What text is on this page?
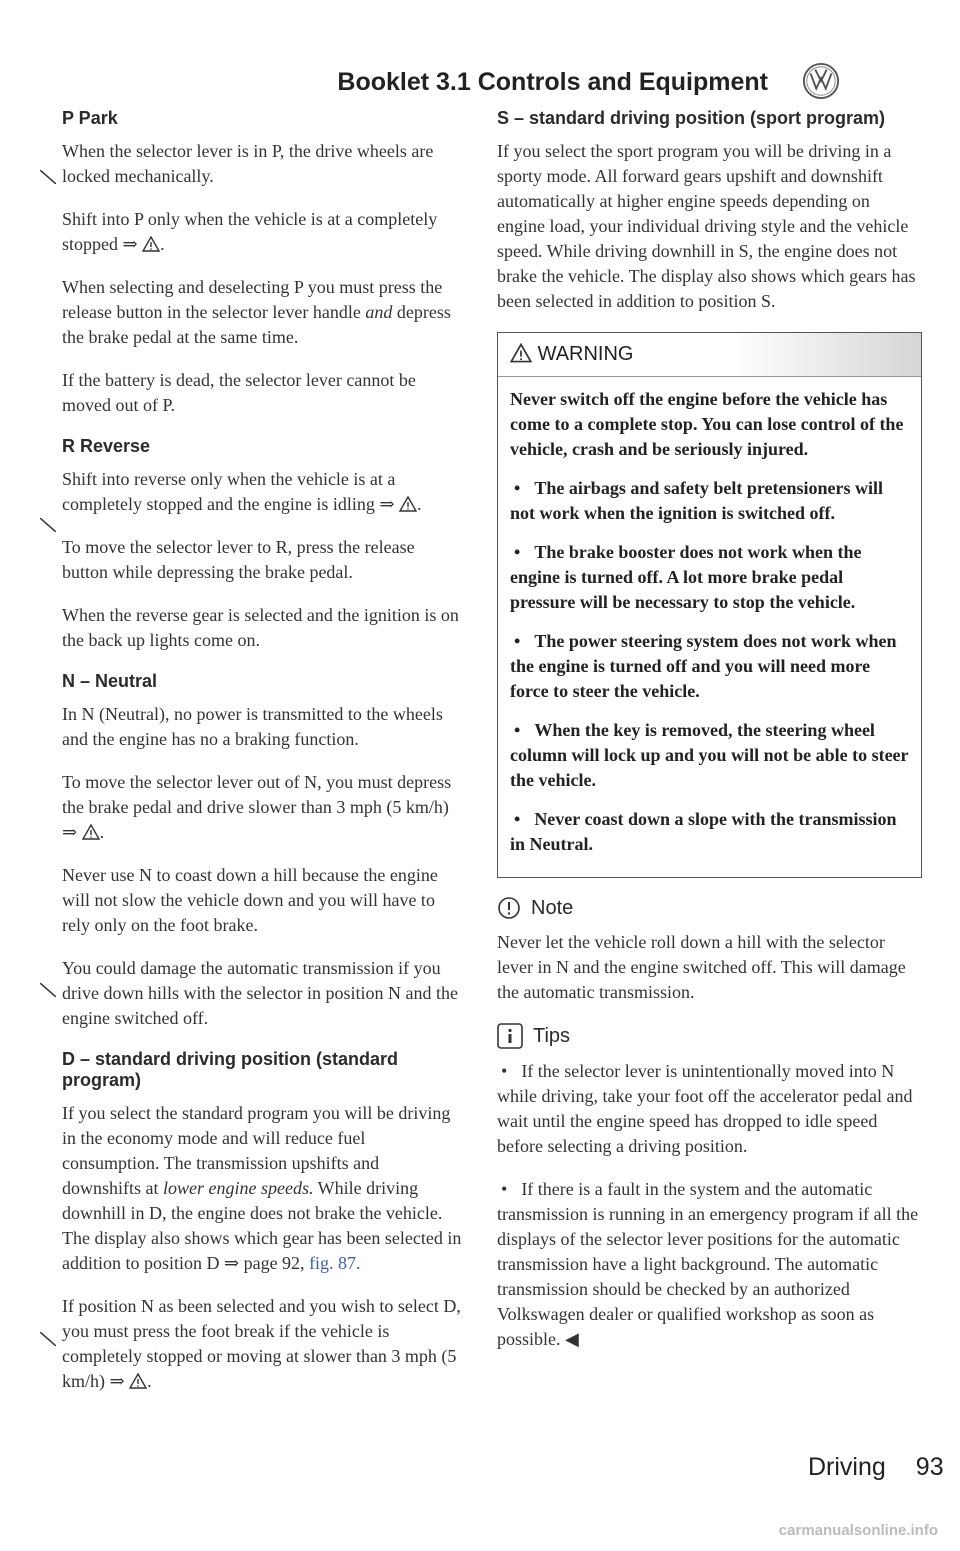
Booklet 3.1 Controls and Equipment
P Park

When the selector lever is in P, the drive wheels are locked mechanically.

Shift into P only when the vehicle is at a completely stopped ⇒ .

When selecting and deselecting P you must press the release button in the selector lever handle and depress the brake pedal at the same time.

If the battery is dead, the selector lever cannot be moved out of P.

R Reverse

Shift into reverse only when the vehicle is at a completely stopped and the engine is idling ⇒ .

To move the selector lever to R, press the release button while depressing the brake pedal.

When the reverse gear is selected and the ignition is on the back up lights come on.

N – Neutral

In N (Neutral), no power is transmitted to the wheels and the engine has no a braking function.

To move the selector lever out of N, you must depress the brake pedal and drive slower than 3 mph (5 km/h) ⇒ .

Never use N to coast down a hill because the engine will not slow the vehicle down and you will have to rely only on the foot brake.

You could damage the automatic transmission if you drive down hills with the selector in position N and the engine switched off.

D – standard driving position (standard program)

If you select the standard program you will be driving in the economy mode and will reduce fuel consumption. The transmission upshifts and downshifts at lower engine speeds. While driving downhill in D, the engine does not brake the vehicle. The display also shows which gear has been selected in addition to position D ⇒ page 92, fig. 87.

If position N as been selected and you wish to select D, you must press the foot break if the vehicle is completely stopped or moving at slower than 3 mph (5 km/h) ⇒ .

S – standard driving position (sport program)

If you select the sport program you will be driving in a sporty mode. All forward gears upshift and downshift automatically at higher engine speeds depending on engine load, your individual driving style and the vehicle speed. While driving downhill in S, the engine does not brake the vehicle. The display also shows which gears has been selected in addition to position S.

WARNING

Never switch off the engine before the vehicle has come to a complete stop. You can lose control of the vehicle, crash and be seriously injured.

• The airbags and safety belt pretensioners will not work when the ignition is switched off.

• The brake booster does not work when the engine is turned off. A lot more brake pedal pressure will be necessary to stop the vehicle.

• The power steering system does not work when the engine is turned off and you will need more force to steer the vehicle.

• When the key is removed, the steering wheel column will lock up and you will not be able to steer the vehicle.

• Never coast down a slope with the transmission in Neutral.

Note

Never let the vehicle roll down a hill with the selector lever in N and the engine switched off. This will damage the automatic transmission.

Tips

• If the selector lever is unintentionally moved into N while driving, take your foot off the accelerator pedal and wait until the engine speed has dropped to idle speed before selecting a driving position.

• If there is a fault in the system and the automatic transmission is running in an emergency program if all the displays of the selector lever positions for the automatic transmission have a light background. The automatic transmission should be checked by an authorized Volkswagen dealer or qualified workshop as soon as possible. ◀

Driving 93
carmanualsonline.info
